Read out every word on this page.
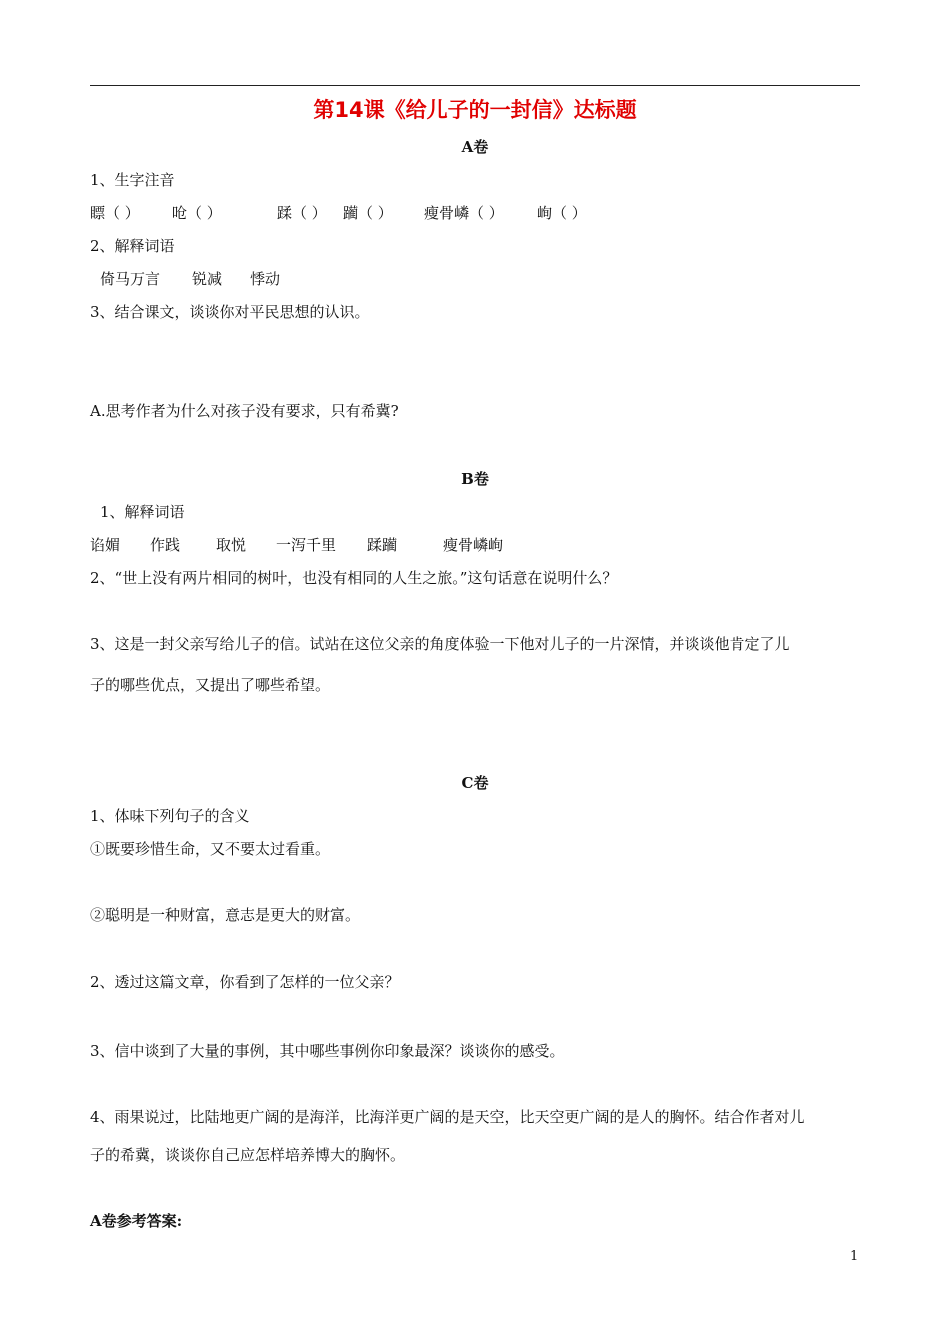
第14课《给儿子的一封信》达标题
A卷
1、生字注音
瞟（ ） 呛（ ）	蹂（ ） 躏（ ） 瘦骨嶙（ ） 峋（ ）
2、解释词语
倚马万言 锐减 悸动
3、结合课文，谈谈你对平民思想的认识。
A.思考作者为什么对孩子没有要求，只有希冀?
B卷
1、解释词语
谄媚 作践 取悦 一泻千里 蹂躏	瘦骨嶙峋
2、“世上没有两片相同的树叶，也没有相同的人生之旅。”这句话意在说明什么？
3、这是一封父亲写给儿子的信。试站在这位父亲的角度体验一下他对儿子的一片深情，并谈谈他肯定了儿
子的哪些优点，又提出了哪些希望。
C卷
1、体味下列句子的含义
①既要珍惜生命，又不要太过看重。
②聪明是一种财富，意志是更大的财富。
2、透过这篇文章，你看到了怎样的一位父亲？
3、信中谈到了大量的事例，其中哪些事例你印象最深？谈谈你的感受。
4、雨果说过，比陆地更广阔的是海洋，比海洋更广阔的是天空，比天空更广阔的是人的胸怀。结合作者对儿
子的希冀，谈谈你自己应怎样培养博大的胸怀。
A卷参考答案:
1
